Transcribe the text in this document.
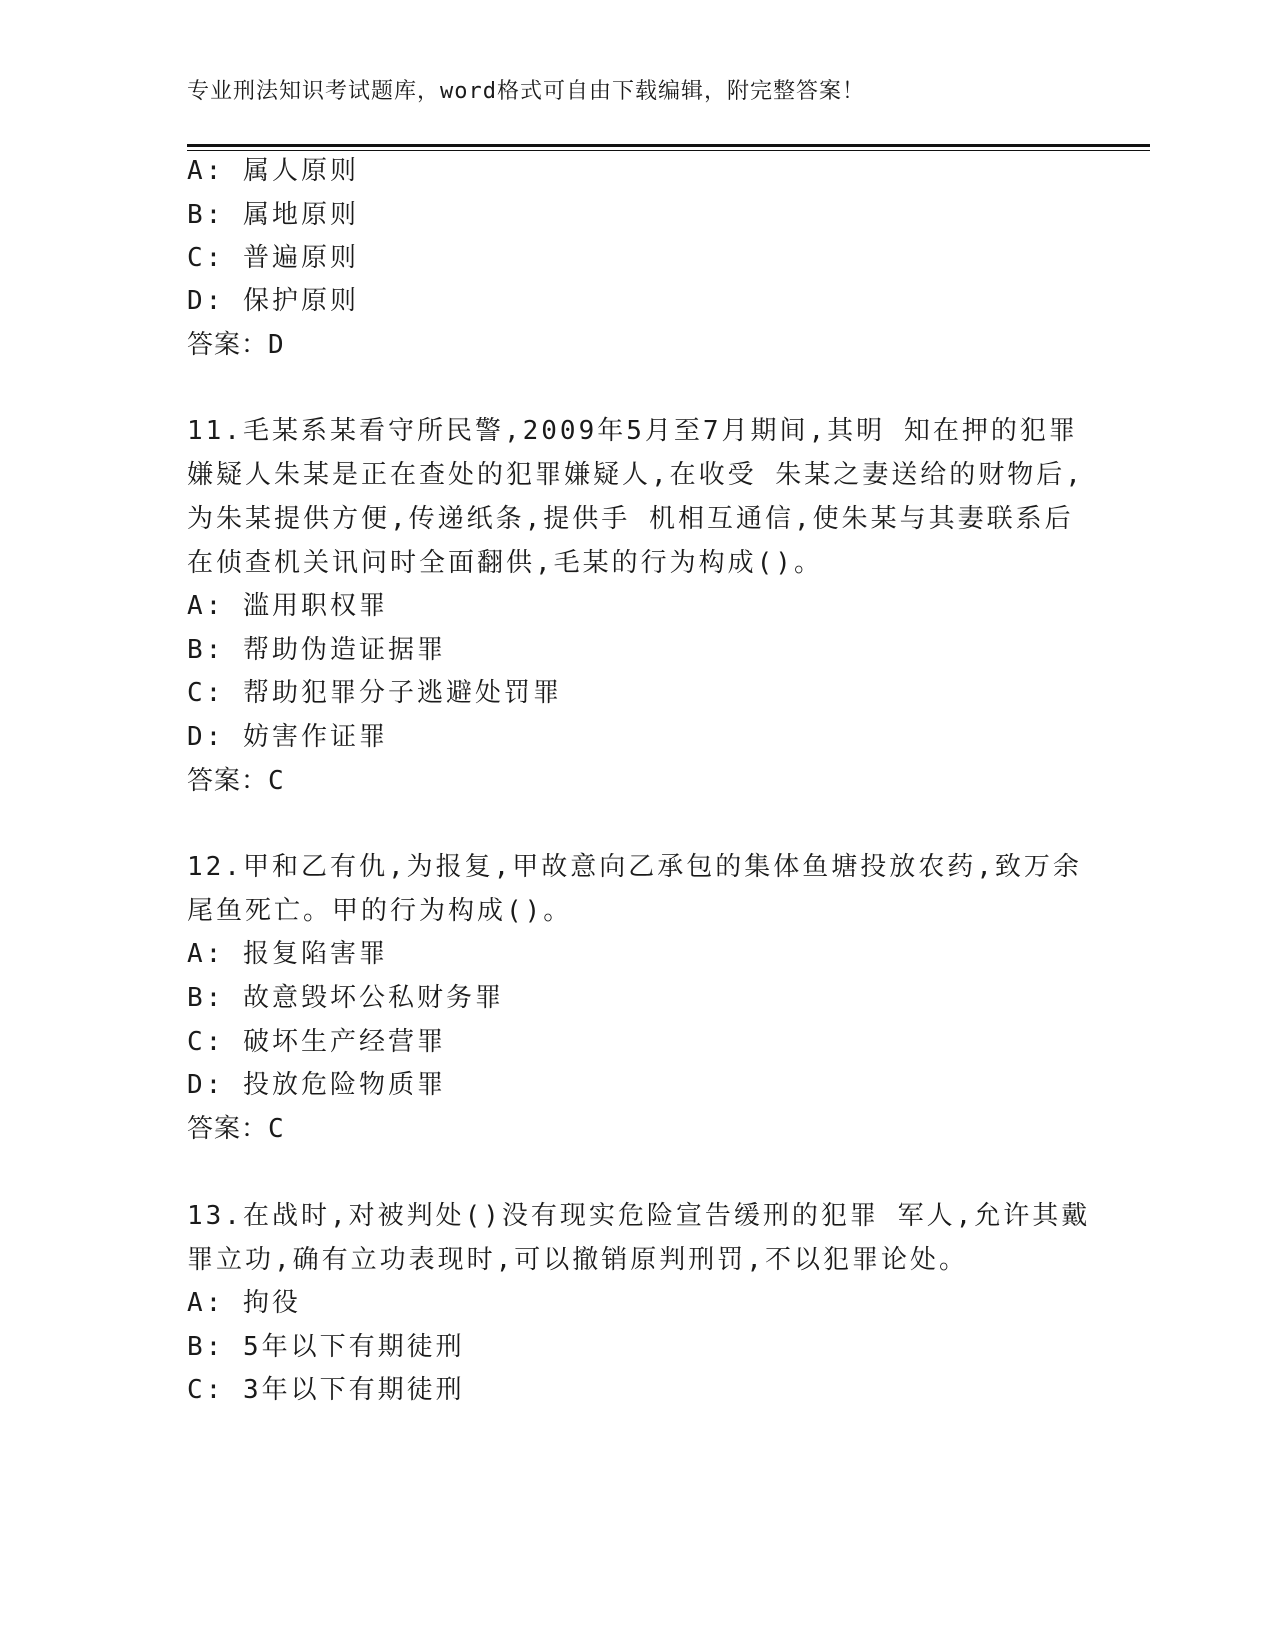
专业刑法知识考试题库，word格式可自由下载编辑，附完整答案！
A: 属人原则
B: 属地原则
C: 普遍原则
D: 保护原则
答案：D
11.毛某系某看守所民警,2009年5月至7月期间,其明 知在押的犯罪
嫌疑人朱某是正在查处的犯罪嫌疑人,在收受 朱某之妻送给的财物后,
为朱某提供方便,传递纸条,提供手 机相互通信,使朱某与其妻联系后
在侦查机关讯问时全面翻供,毛某的行为构成()。
A: 滥用职权罪
B: 帮助伪造证据罪
C: 帮助犯罪分子逃避处罚罪
D: 妨害作证罪
答案：C
12.甲和乙有仇,为报复,甲故意向乙承包的集体鱼塘投放农药,致万余
尾鱼死亡。甲的行为构成()。
A: 报复陷害罪
B: 故意毁坏公私财务罪
C: 破坏生产经营罪
D: 投放危险物质罪
答案：C
13.在战时,对被判处()没有现实危险宣告缓刑的犯罪 军人,允许其戴
罪立功,确有立功表现时,可以撤销原判刑罚,不以犯罪论处。
A: 拘役
B: 5年以下有期徒刑
C: 3年以下有期徒刑
